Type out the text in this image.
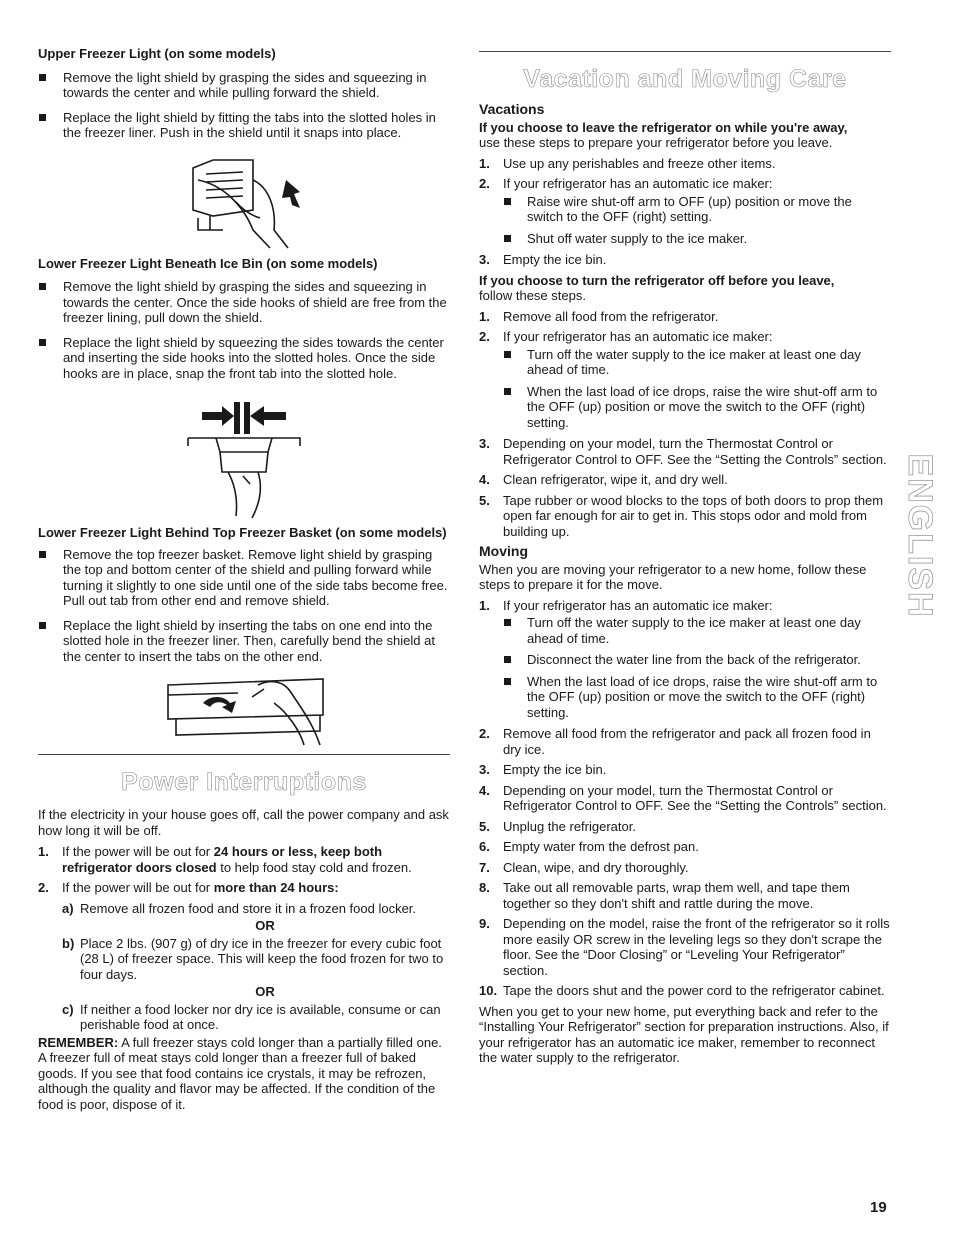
Upper Freezer Light (on some models)

Remove the light shield by grasping the sides and squeezing in towards the center and while pulling forward the shield.
Replace the light shield by fitting the tabs into the slotted holes in the freezer liner. Push in the shield until it snaps into place.

Lower Freezer Light Beneath Ice Bin (on some models)

Remove the light shield by grasping the sides and squeezing in towards the center. Once the side hooks of shield are free from the freezer lining, pull down the shield.
Replace the light shield by squeezing the sides towards the center and inserting the side hooks into the slotted holes. Once the side hooks are in place, snap the front tab into the slotted hole.

Lower Freezer Light Behind Top Freezer Basket (on some models)

Remove the top freezer basket. Remove light shield by grasping the top and bottom center of the shield and pulling forward while turning it slightly to one side until one of the side tabs become free. Pull out tab from other end and remove shield.
Replace the light shield by inserting the tabs on one end into the slotted hole in the freezer liner. Then, carefully bend the shield at the center to insert the tabs on the other end.
Power Interruptions

If the electricity in your house goes off, call the power company and ask how long it will be off.

1. If the power will be out for 24 hours or less, keep both refrigerator doors closed to help food stay cold and frozen.
2. If the power will be out for more than 24 hours:
a) Remove all frozen food and store it in a frozen food locker.
OR
b) Place 2 lbs. (907 g) of dry ice in the freezer for every cubic foot (28 L) of freezer space. This will keep the food frozen for two to four days.
OR
c) If neither a food locker nor dry ice is available, consume or can perishable food at once.

REMEMBER: A full freezer stays cold longer than a partially filled one. A freezer full of meat stays cold longer than a freezer full of baked goods. If you see that food contains ice crystals, it may be refrozen, although the quality and flavor may be affected. If the condition of the food is poor, dispose of it.

Vacation and Moving Care

Vacations

If you choose to leave the refrigerator on while you're away,

use these steps to prepare your refrigerator before you leave.

1. Use up any perishables and freeze other items.
2. If your refrigerator has an automatic ice maker:
Raise wire shut-off arm to OFF (up) position or move the switch to the OFF (right) setting.
Shut off water supply to the ice maker.
3. Empty the ice bin.

If you choose to turn the refrigerator off before you leave,

follow these steps.

1. Remove all food from the refrigerator.
2. If your refrigerator has an automatic ice maker:
Turn off the water supply to the ice maker at least one day ahead of time.
When the last load of ice drops, raise the wire shut-off arm to the OFF (up) position or move the switch to the OFF (right) setting.
3. Depending on your model, turn the Thermostat Control or Refrigerator Control to OFF. See the “Setting the Controls” section.
4. Clean refrigerator, wipe it, and dry well.
5. Tape rubber or wood blocks to the tops of both doors to prop them open far enough for air to get in. This stops odor and mold from building up.

Moving

When you are moving your refrigerator to a new home, follow these steps to prepare it for the move.

1. If your refrigerator has an automatic ice maker:
Turn off the water supply to the ice maker at least one day ahead of time.
Disconnect the water line from the back of the refrigerator.
When the last load of ice drops, raise the wire shut-off arm to the OFF (up) position or move the switch to the OFF (right) setting.
2. Remove all food from the refrigerator and pack all frozen food in dry ice.
3. Empty the ice bin.
4. Depending on your model, turn the Thermostat Control or Refrigerator Control to OFF. See the “Setting the Controls” section.
5. Unplug the refrigerator.
6. Empty water from the defrost pan.
7. Clean, wipe, and dry thoroughly.
8. Take out all removable parts, wrap them well, and tape them together so they don't shift and rattle during the move.
9. Depending on the model, raise the front of the refrigerator so it rolls more easily OR screw in the leveling legs so they don't scrape the floor. See the “Door Closing” or “Leveling Your Refrigerator” section.
10. Tape the doors shut and the power cord to the refrigerator cabinet.

When you get to your new home, put everything back and refer to the “Installing Your Refrigerator” section for preparation instructions. Also, if your refrigerator has an automatic ice maker, remember to reconnect the water supply to the refrigerator.

ENGLISH
19
